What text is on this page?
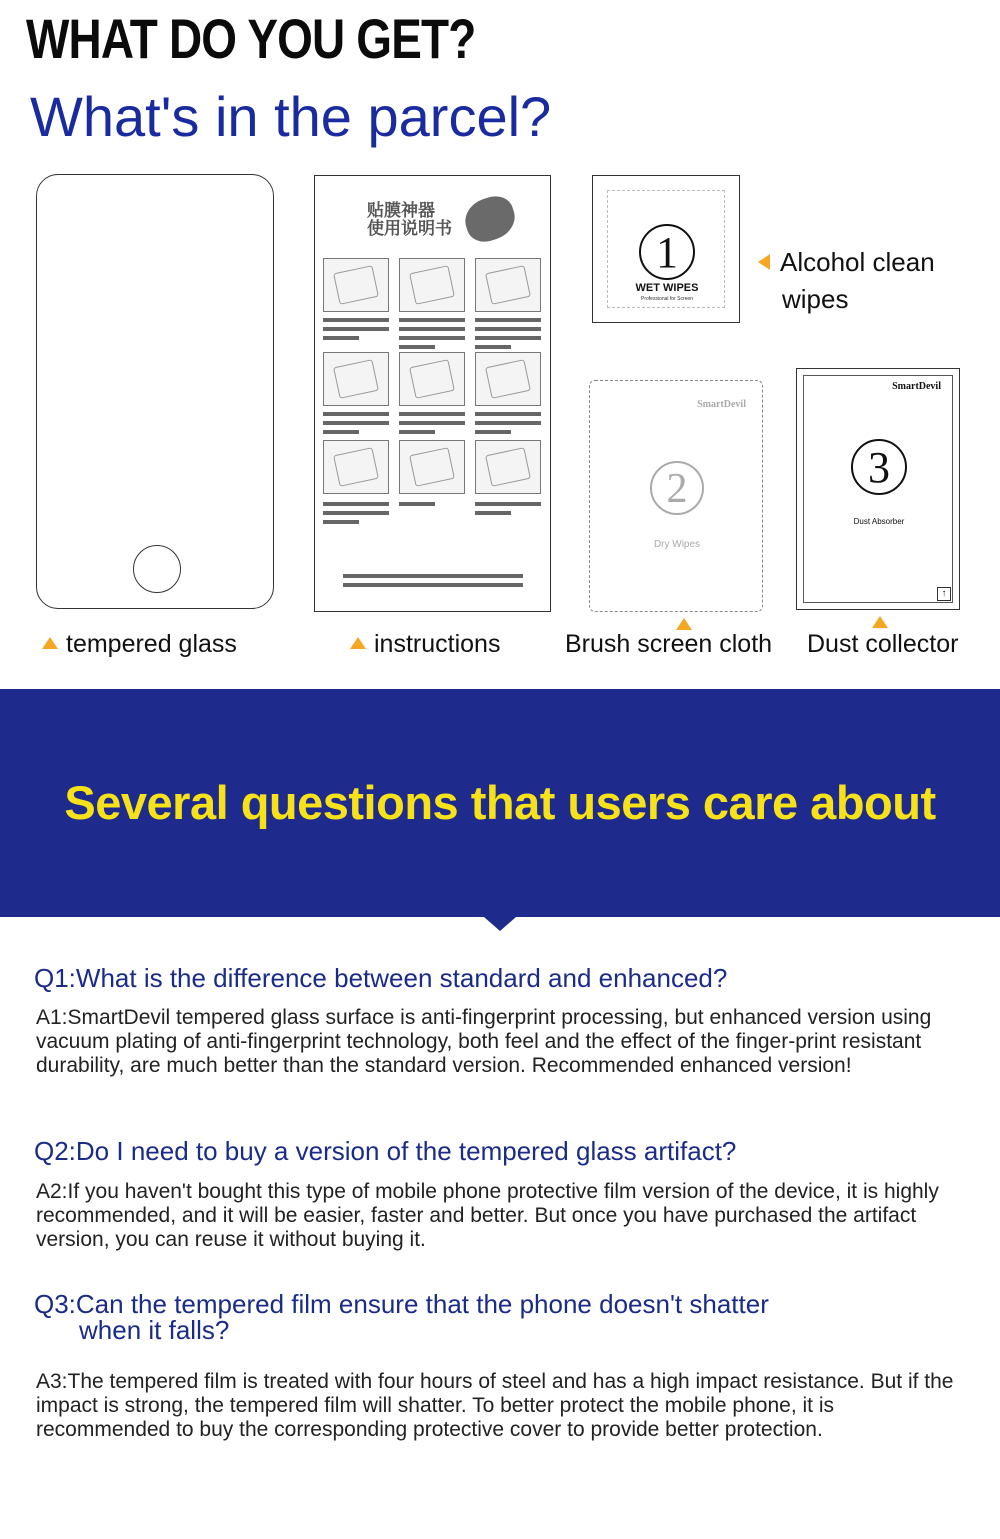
WHAT DO YOU GET?
What's in the parcel?
贴膜神器
使用说明书	1
WET WIPES
Professional for Screen
Alcohol clean
wipes
SmartDevil
2
Dry Wipes
SmartDevil
3
Dust Absorber
↑
tempered glass	instructions	Brush screen cloth Dust collector
Several questions that users care about
Q1:What is the difference between standard and enhanced?
A1:SmartDevil tempered glass surface is anti-fingerprint processing, but enhanced version using vacuum plating of anti-fingerprint technology, both feel and the effect of the finger-print resistant durability, are much better than the standard version. Recommended enhanced version!
Q2:Do I need to buy a version of the tempered glass artifact?
A2:If you haven't bought this type of mobile phone protective film version of the device, it is highly recommended, and it will be easier, faster and better. But once you have purchased the artifact version, you can reuse it without buying it.
Q3:Can the tempered film ensure that the phone doesn't shatter
when it falls?
A3:The tempered film is treated with four hours of steel and has a high impact resistance. But if the impact is strong, the tempered film will shatter. To better protect the mobile phone, it is recommended to buy the corresponding protective cover to provide better protection.
